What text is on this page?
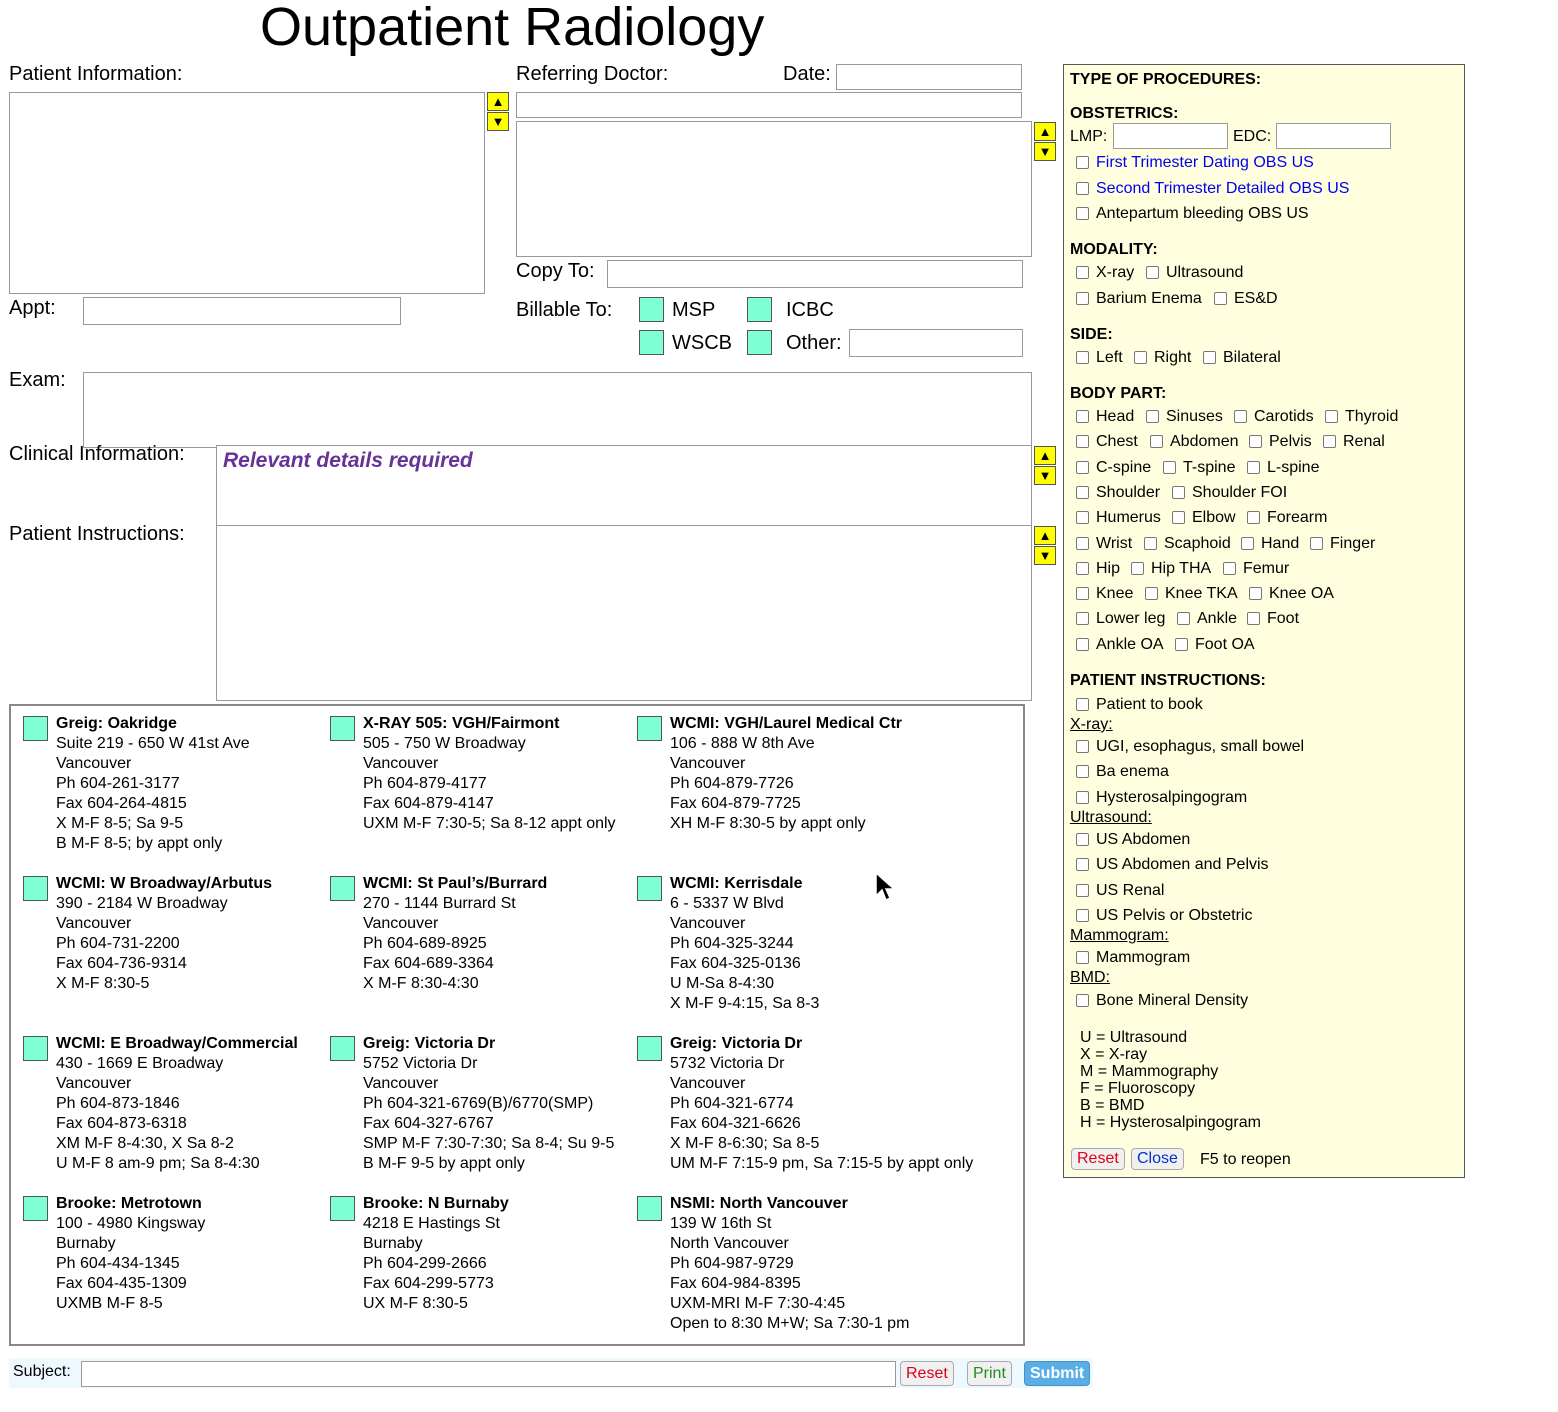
Outpatient Radiology
Patient Information:
▲
▼
Appt:
Referring Doctor:	Date:
▲
▼
Copy To:
Billable To:	MSP	ICBC
WSCB	Other:
Exam:
Clinical Information:	Relevant details required	▲
▼
Patient Instructions:	▲
▼
Greig: Oakridge
Suite 219 - 650 W 41st Ave
Vancouver
Ph 604-261-3177
Fax 604-264-4815
X M-F 8-5; Sa 9-5
B M-F 8-5; by appt only
X-RAY 505: VGH/Fairmont
505 - 750 W Broadway
Vancouver
Ph 604-879-4177
Fax 604-879-4147
UXM M-F 7:30-5; Sa 8-12 appt only
WCMI: VGH/Laurel Medical Ctr
106 - 888 W 8th Ave
Vancouver
Ph 604-879-7726
Fax 604-879-7725
XH M-F 8:30-5 by appt only
WCMI: W Broadway/Arbutus
390 - 2184 W Broadway
Vancouver
Ph 604-731-2200
Fax 604-736-9314
X M-F 8:30-5
WCMI: St Paul’s/Burrard
270 - 1144 Burrard St
Vancouver
Ph 604-689-8925
Fax 604-689-3364
X M-F 8:30-4:30
WCMI: Kerrisdale
6 - 5337 W Blvd
Vancouver
Ph 604-325-3244
Fax 604-325-0136
U M-Sa 8-4:30
X M-F 9-4:15, Sa 8-3
WCMI: E Broadway/Commercial
430 - 1669 E Broadway
Vancouver
Ph 604-873-1846
Fax 604-873-6318
XM M-F 8-4:30, X Sa 8-2
U M-F 8 am-9 pm; Sa 8-4:30
Greig: Victoria Dr
5752 Victoria Dr
Vancouver
Ph 604-321-6769(B)/6770(SMP)
Fax 604-327-6767
SMP M-F 7:30-7:30; Sa 8-4; Su 9-5
B M-F 9-5 by appt only
Greig: Victoria Dr
5732 Victoria Dr
Vancouver
Ph 604-321-6774
Fax 604-321-6626
X M-F 8-6:30; Sa 8-5
UM M-F 7:15-9 pm, Sa 7:15-5 by appt only
Brooke: Metrotown
100 - 4980 Kingsway
Burnaby
Ph 604-434-1345
Fax 604-435-1309
UXMB M-F 8-5
Brooke: N Burnaby
4218 E Hastings St
Burnaby
Ph 604-299-2666
Fax 604-299-5773
UX M-F 8:30-5
NSMI: North Vancouver
139 W 16th St
North Vancouver
Ph 604-987-9729
Fax 604-984-8395
UXM-MRI M-F 7:30-4:45
Open to 8:30 M+W; Sa 7:30-1 pm
TYPE OF PROCEDURES:
OBSTETRICS:
LMP:	EDC:
First Trimester Dating OBS US
Second Trimester Detailed OBS US
Antepartum bleeding OBS US
MODALITY:
X-ray	Ultrasound
Barium Enema	ES&D
SIDE:
Left	Right	Bilateral
BODY PART:
Head	Sinuses	Carotids	Thyroid
Chest	Abdomen	Pelvis	Renal
C-spine	T-spine	L-spine
Shoulder	Shoulder FOI
Humerus	Elbow	Forearm
Wrist	Scaphoid	Hand	Finger
Hip	Hip THA	Femur
Knee	Knee TKA	Knee OA
Lower leg	Ankle	Foot
Ankle OA	Foot OA
PATIENT INSTRUCTIONS:
Patient to book
X-ray:
UGI, esophagus, small bowel
Ba enema
Hysterosalpingogram
Ultrasound:
US Abdomen
US Abdomen and Pelvis
US Renal
US Pelvis or Obstetric
Mammogram:
Mammogram
BMD:
Bone Mineral Density
U = Ultrasound
X = X-ray
M = Mammography
F = Fluoroscopy
B = BMD
H = Hysterosalpingogram
Reset	Close	F5 to reopen
Subject:	Reset	Print	Submit
